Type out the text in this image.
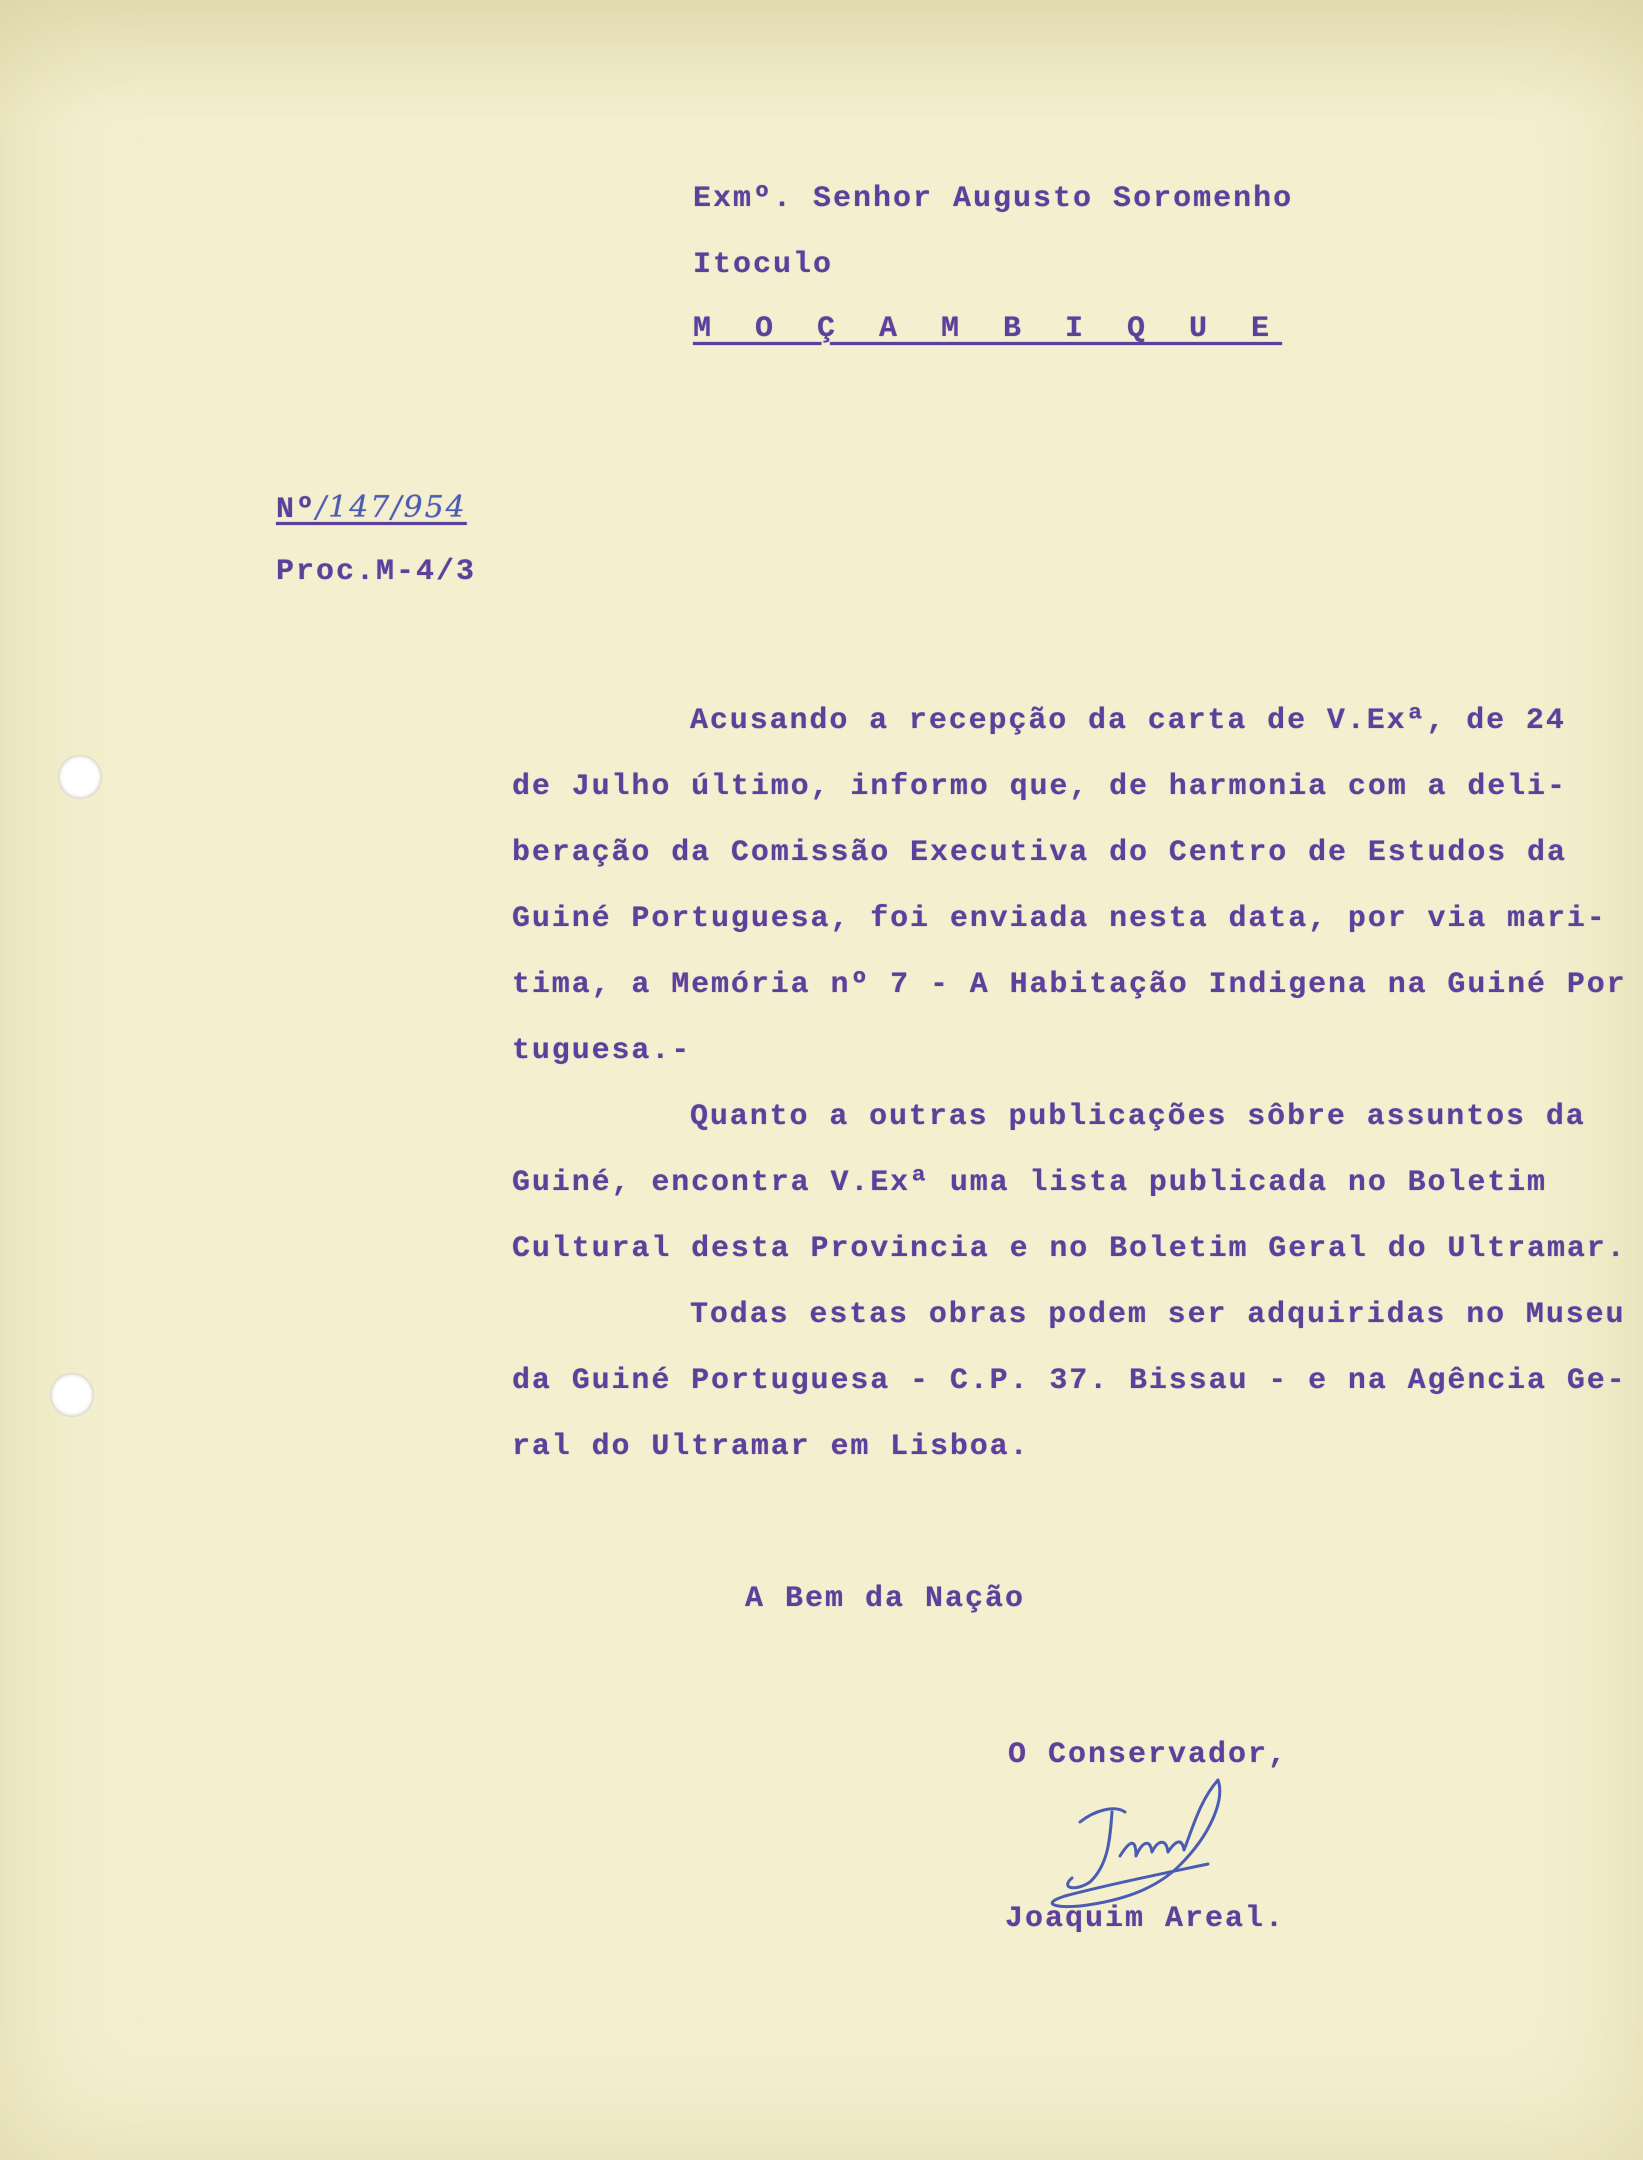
Exmº. Senhor Augusto Soromenho
Itoculo
M O Ç A M B I Q U E
Nº/147/954
Proc.M-4/3
Acusando a recepção da carta de V.Exª, de 24
de Julho último, informo que, de harmonia com a deli-
beração da Comissão Executiva do Centro de Estudos da
Guiné Portuguesa, foi enviada nesta data, por via mari-
tima, a Memória nº 7 - A Habitação Indigena na Guiné Por
tuguesa.-
Quanto a outras publicações sôbre assuntos da
Guiné, encontra V.Exª uma lista publicada no Boletim
Cultural desta Provincia e no Boletim Geral do Ultramar.
Todas estas obras podem ser adquiridas no Museu
da Guiné Portuguesa - C.P. 37. Bissau - e na Agência Ge-
ral do Ultramar em Lisboa.
A Bem da Nação
O Conservador,
Joaquim Areal.
